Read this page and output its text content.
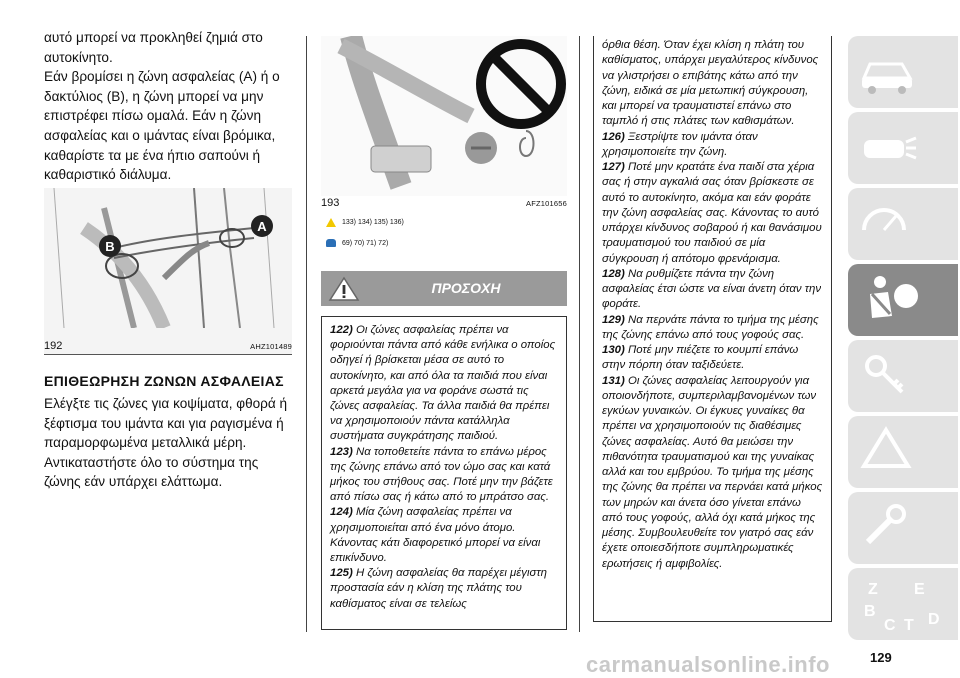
αυτό μπορεί να προκληθεί ζημιά στο αυτοκίνητο.

Εάν βρομίσει η ζώνη ασφαλείας (A) ή ο δακτύλιος (B), η ζώνη μπορεί να μην επιστρέφει πίσω ομαλά. Εάν η ζώνη ασφαλείας και ο ιμάντας είναι βρόμικα, καθαρίστε τα με ένα ήπιο σαπούνι ή καθαριστικό διάλυμα.

B
A
192	AHZ101489
ΕΠΙΘΕΩΡΗΣΗ ΖΩΝΩΝ ΑΣΦΑΛΕΙΑΣ
Ελέγξτε τις ζώνες για κοψίματα, φθορά ή ξέφτισμα του ιμάντα και για ραγισμένα ή παραμορφωμένα μεταλλικά μέρη. Αντικαταστήστε όλο το σύστημα της ζώνης εάν υπάρχει ελάττωμα.
193	AFZ101656
133) 134) 135) 136)
69) 70) 71) 72)
ΠΡΟΣΟΧΗ

122) Οι ζώνες ασφαλείας πρέπει να φοριούνται πάντα από κάθε ενήλικα ο οποίος οδηγεί ή βρίσκεται μέσα σε αυτό το αυτοκίνητο, και από όλα τα παιδιά που είναι αρκετά μεγάλα για να φοράνε σωστά τις ζώνες ασφαλείας. Τα άλλα παιδιά θα πρέπει να χρησιμοποιούν πάντα κατάλληλα συστήματα συγκράτησης παιδιού.

123) Να τοποθετείτε πάντα το επάνω μέρος της ζώνης επάνω από τον ώμο σας και κατά μήκος του στήθους σας. Ποτέ μην την βάζετε από πίσω σας ή κάτω από το μπράτσο σας.

124) Μία ζώνη ασφαλείας πρέπει να χρησιμοποιείται από ένα μόνο άτομο. Κάνοντας κάτι διαφορετικό μπορεί να είναι επικίνδυνο.

125) Η ζώνη ασφαλείας θα παρέχει μέγιστη προστασία εάν η κλίση της πλάτης του καθίσματος είναι σε τελείως

όρθια θέση. Όταν έχει κλίση η πλάτη του καθίσματος, υπάρχει μεγαλύτερος κίνδυνος να γλιστρήσει ο επιβάτης κάτω από την ζώνη, ειδικά σε μία μετωπική σύγκρουση, και μπορεί να τραυματιστεί επάνω στο ταμπλό ή στις πλάτες των καθισμάτων.

126) Ξεστρίψτε τον ιμάντα όταν χρησιμοποιείτε την ζώνη.

127) Ποτέ μην κρατάτε ένα παιδί στα χέρια σας ή στην αγκαλιά σας όταν βρίσκεστε σε αυτό το αυτοκίνητο, ακόμα και εάν φοράτε την ζώνη ασφαλείας σας. Κάνοντας το αυτό υπάρχει κίνδυνος σοβαρού ή και θανάσιμου τραυματισμού του παιδιού σε μία σύγκρουση ή απότομο φρενάρισμα.

128) Να ρυθμίζετε πάντα την ζώνη ασφαλείας έτσι ώστε να είναι άνετη όταν την φοράτε.

129) Να περνάτε πάντα το τμήμα της μέσης της ζώνης επάνω από τους γοφούς σας.

130) Ποτέ μην πιέζετε το κουμπί επάνω στην πόρπη όταν ταξιδεύετε.

131) Οι ζώνες ασφαλείας λειτουργούν για οποιονδήποτε, συμπεριλαμβανομένων των εγκύων γυναικών. Οι έγκυες γυναίκες θα πρέπει να χρησιμοποιούν τις διαθέσιμες ζώνες ασφαλείας. Αυτό θα μειώσει την πιθανότητα τραυματισμού και της γυναίκας αλλά και του εμβρύου. Το τμήμα της μέσης της ζώνης θα πρέπει να περνάει κατά μήκος των μηρών και άνετα όσο γίνεται επάνω από τους γοφούς, αλλά όχι κατά μήκος της μέσης. Συμβουλευθείτε τον γιατρό σας εάν έχετε οποιεσδήποτε συμπληρωματικές ερωτήσεις ή αμφιβολίες.

Z E
B
C T D
carmanualsonline.info	129
